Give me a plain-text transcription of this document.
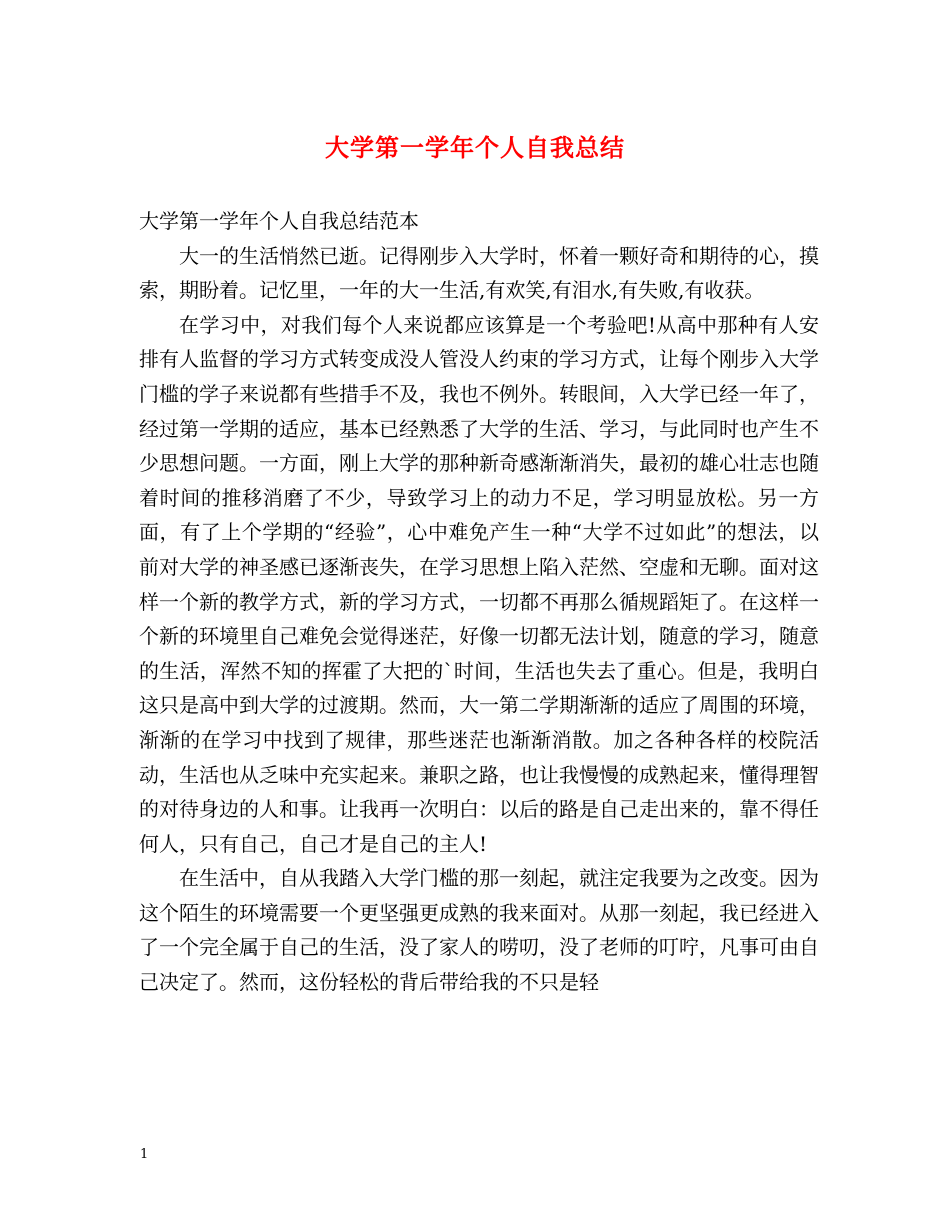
大学第一学年个人自我总结

大学第一学年个人自我总结范本

大一的生活悄然已逝。记得刚步入大学时，怀着一颗好奇和期待的心，摸索，期盼着。记忆里，一年的大一生活,有欢笑,有泪水,有失败,有收获。

在学习中，对我们每个人来说都应该算是一个考验吧!从高中那种有人安排有人监督的学习方式转变成没人管没人约束的学习方式，让每个刚步入大学门槛的学子来说都有些措手不及，我也不例外。转眼间，入大学已经一年了，经过第一学期的适应，基本已经熟悉了大学的生活、学习，与此同时也产生不少思想问题。一方面，刚上大学的那种新奇感渐渐消失，最初的雄心壮志也随着时间的推移消磨了不少，导致学习上的动力不足，学习明显放松。另一方面，有了上个学期的“经验”，心中难免产生一种“大学不过如此”的想法，以前对大学的神圣感已逐渐丧失，在学习思想上陷入茫然、空虚和无聊。面对这样一个新的教学方式，新的学习方式，一切都不再那么循规蹈矩了。在这样一个新的环境里自己难免会觉得迷茫，好像一切都无法计划，随意的学习，随意的生活，浑然不知的挥霍了大把的`时间，生活也失去了重心。但是，我明白这只是高中到大学的过渡期。然而，大一第二学期渐渐的适应了周围的环境，渐渐的在学习中找到了规律，那些迷茫也渐渐消散。加之各种各样的校院活动，生活也从乏味中充实起来。兼职之路，也让我慢慢的成熟起来，懂得理智的对待身边的人和事。让我再一次明白：以后的路是自己走出来的，靠不得任何人，只有自己，自己才是自己的主人!

在生活中，自从我踏入大学门槛的那一刻起，就注定我要为之改变。因为这个陌生的环境需要一个更坚强更成熟的我来面对。从那一刻起，我已经进入了一个完全属于自己的生活，没了家人的唠叨，没了老师的叮咛，凡事可由自己决定了。然而，这份轻松的背后带给我的不只是轻

1
